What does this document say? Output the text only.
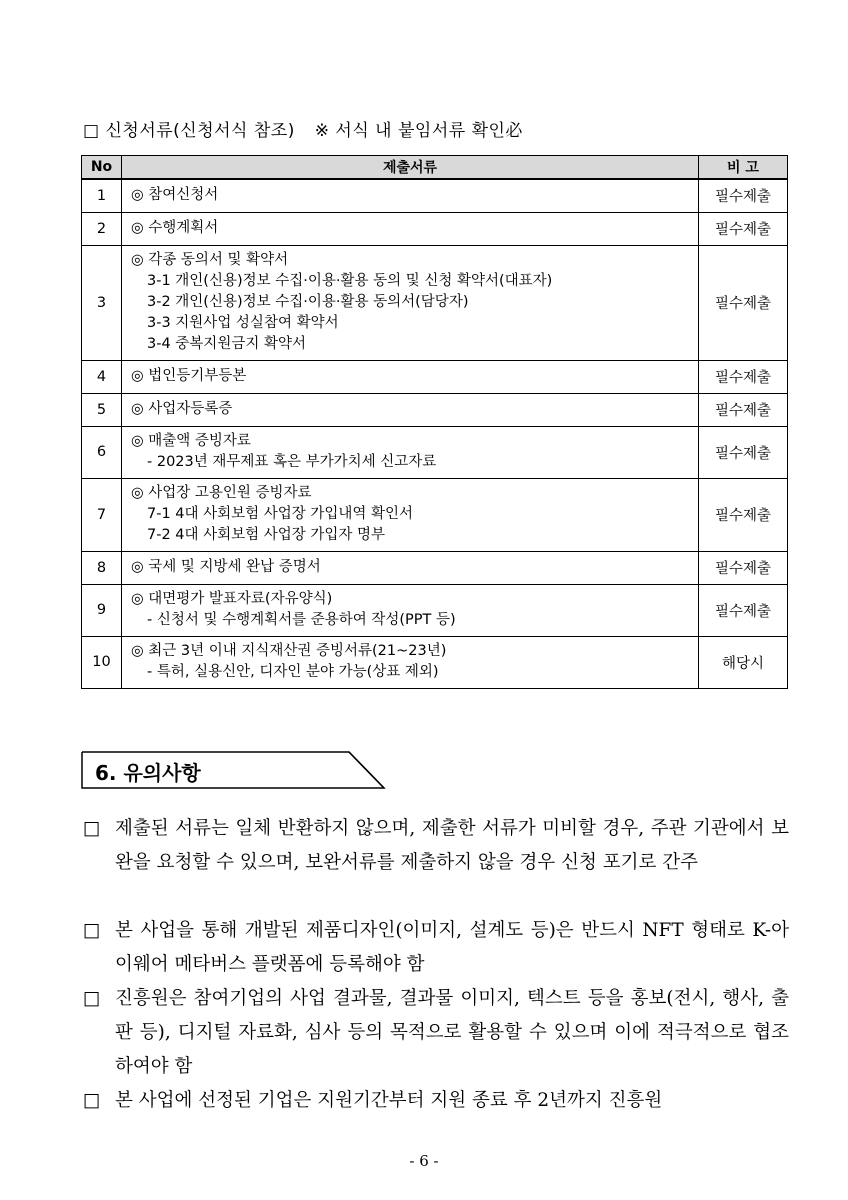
□ 신청서류(신청서식 참조) ※ 서식 내 붙임서류 확인必
No	제출서류	비 고
1	◎ 참여신청서	필수제출
2	◎ 수행계획서	필수제출
3	◎ 각종 동의서 및 확약서
3-1 개인(신용)정보 수집·이용·활용 동의 및 신청 확약서(대표자)
3-2 개인(신용)정보 수집·이용·활용 동의서(담당자)
3-3 지원사업 성실참여 확약서
3-4 중복지원금지 확약서	필수제출
4	◎ 법인등기부등본	필수제출
5	◎ 사업자등록증	필수제출
6	◎ 매출액 증빙자료
- 2023년 재무제표 혹은 부가가치세 신고자료	필수제출
7	◎ 사업장 고용인원 증빙자료
7-1 4대 사회보험 사업장 가입내역 확인서
7-2 4대 사회보험 사업장 가입자 명부	필수제출
8	◎ 국세 및 지방세 완납 증명서	필수제출
9	◎ 대면평가 발표자료(자유양식)
- 신청서 및 수행계획서를 준용하여 작성(PPT 등)	필수제출
10	◎ 최근 3년 이내 지식재산권 증빙서류(21~23년)
- 특허, 실용신안, 디자인 분야 가능(상표 제외)	해당시
6. 유의사항
□ 제출된 서류는 일체 반환하지 않으며, 제출한 서류가 미비할 경우, 주관 기관에서 보완을 요청할 수 있으며, 보완서류를 제출하지 않을 경우 신청 포기로 간주
□ 본 사업을 통해 개발된 제품디자인(이미지, 설계도 등)은 반드시 NFT 형태로 K-아이웨어 메타버스 플랫폼에 등록해야 함
□ 진흥원은 참여기업의 사업 결과물, 결과물 이미지, 텍스트 등을 홍보(전시, 행사, 출판 등), 디지털 자료화, 심사 등의 목적으로 활용할 수 있으며 이에 적극적으로 협조하여야 함
□ 본 사업에 선정된 기업은 지원기간부터 지원 종료 후 2년까지 진흥원
- 6 -
